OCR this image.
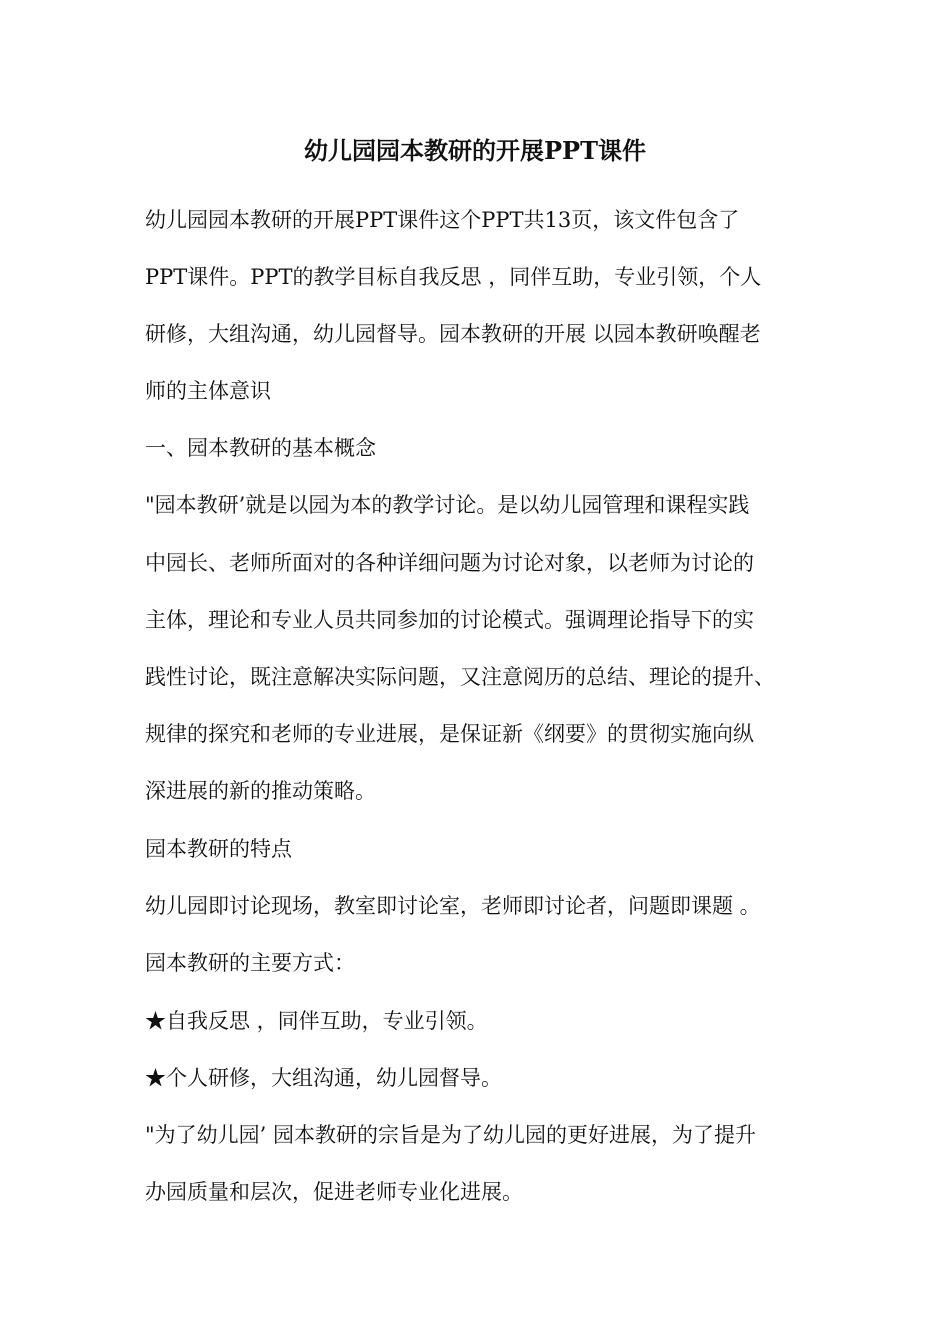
幼儿园园本教研的开展PPT课件

幼儿园园本教研的开展PPT课件这个PPT共13页，该文件包含了

PPT课件。PPT的教学目标自我反思 ，同伴互助，专业引领，个人

研修，大组沟通，幼儿园督导。园本教研的开展 以园本教研唤醒老

师的主体意识

一、园本教研的基本概念

"园本教研’就是以园为本的教学讨论。是以幼儿园管理和课程实践

中园长、老师所面对的各种详细问题为讨论对象，以老师为讨论的

主体，理论和专业人员共同参加的讨论模式。强调理论指导下的实

践性讨论，既注意解决实际问题，又注意阅历的总结、理论的提升、

规律的探究和老师的专业进展，是保证新《纲要》的贯彻实施向纵

深进展的新的推动策略。

园本教研的特点

幼儿园即讨论现场，教室即讨论室，老师即讨论者，问题即课题 。

园本教研的主要方式：

★自我反思 ，同伴互助，专业引领。

★个人研修，大组沟通，幼儿园督导。

"为了幼儿园’ 园本教研的宗旨是为了幼儿园的更好进展，为了提升

办园质量和层次，促进老师专业化进展。
